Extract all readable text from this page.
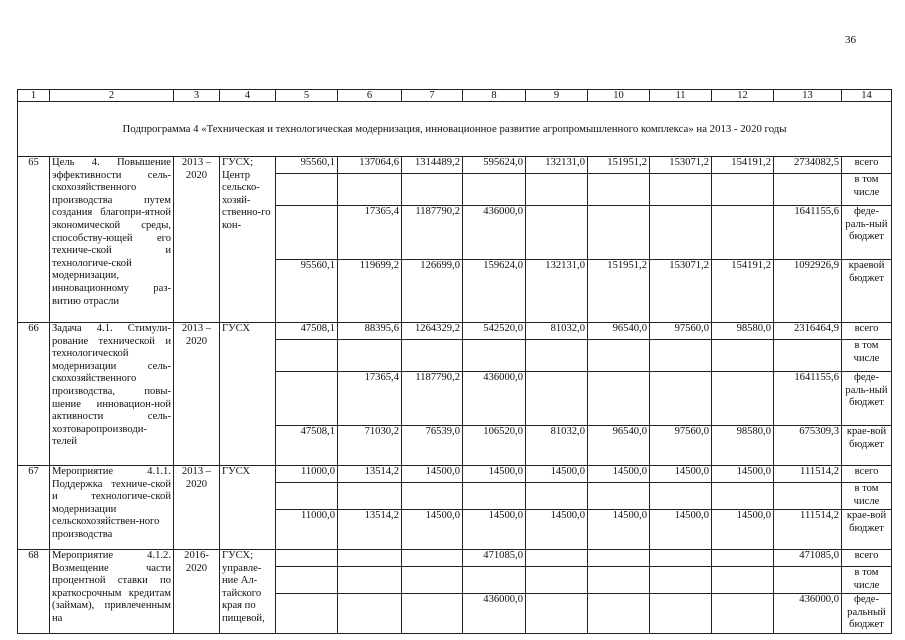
36
1	2	3	4	5	6	7	8	9	10	11	12	13	14
Подпрограмма 4 «Техническая и технологическая модернизация, инновационное развитие агропромышленного комплекса» на 2013 - 2020 годы													
65	Цель 4. Повышение эффективности сель-скохозяйственного производства путем создания благопри-ятной экономической среды, способству-ющей его техниче-ской и технологиче-ской модернизации, инновационному раз-витию отрасли	2013 – 2020	ГУСХ; Центр сельско-хозяй-ственно-го кон-	95560,1	137064,6	1314489,2	595624,0	132131,0	151951,2	153071,2	154191,2	2734082,5	всего
													в том числе
					17365,4	1187790,2	436000,0					1641155,6	феде-раль-ный бюджет
				95560,1	119699,2	126699,0	159624,0	132131,0	151951,2	153071,2	154191,2	1092926,9	краевой бюджет
66	Задача 4.1. Стимули-рование технической и технологической модернизации сель-скохозяйственного производства, повы-шение инновацион-ной активности сель-хозтоваропроизводи-телей	2013 – 2020	ГУСХ	47508,1	88395,6	1264329,2	542520,0	81032,0	96540,0	97560,0	98580,0	2316464,9	всего
													в том числе
					17365,4	1187790,2	436000,0					1641155,6	феде-раль-ный бюджет
				47508,1	71030,2	76539,0	106520,0	81032,0	96540,0	97560,0	98580,0	675309,3	крае-вой бюджет
67	Мероприятие 4.1.1. Поддержка техниче-ской и технологиче-ской модернизации сельскохозяйствен-ного производства	2013 – 2020	ГУСХ	11000,0	13514,2	14500,0	14500,0	14500,0	14500,0	14500,0	14500,0	111514,2	всего
													в том числе
				11000,0	13514,2	14500,0	14500,0	14500,0	14500,0	14500,0	14500,0	111514,2	крае-вой бюджет
68	Мероприятие 4.1.2. Возмещение части процентной ставки по краткосрочным кредитам (займам), привлеченным на	2016-2020	ГУСХ; управле-ние Ал-тайского края по пищевой,				471085,0					471085,0	всего
													в том числе
							436000,0					436000,0	феде-ральный бюджет
